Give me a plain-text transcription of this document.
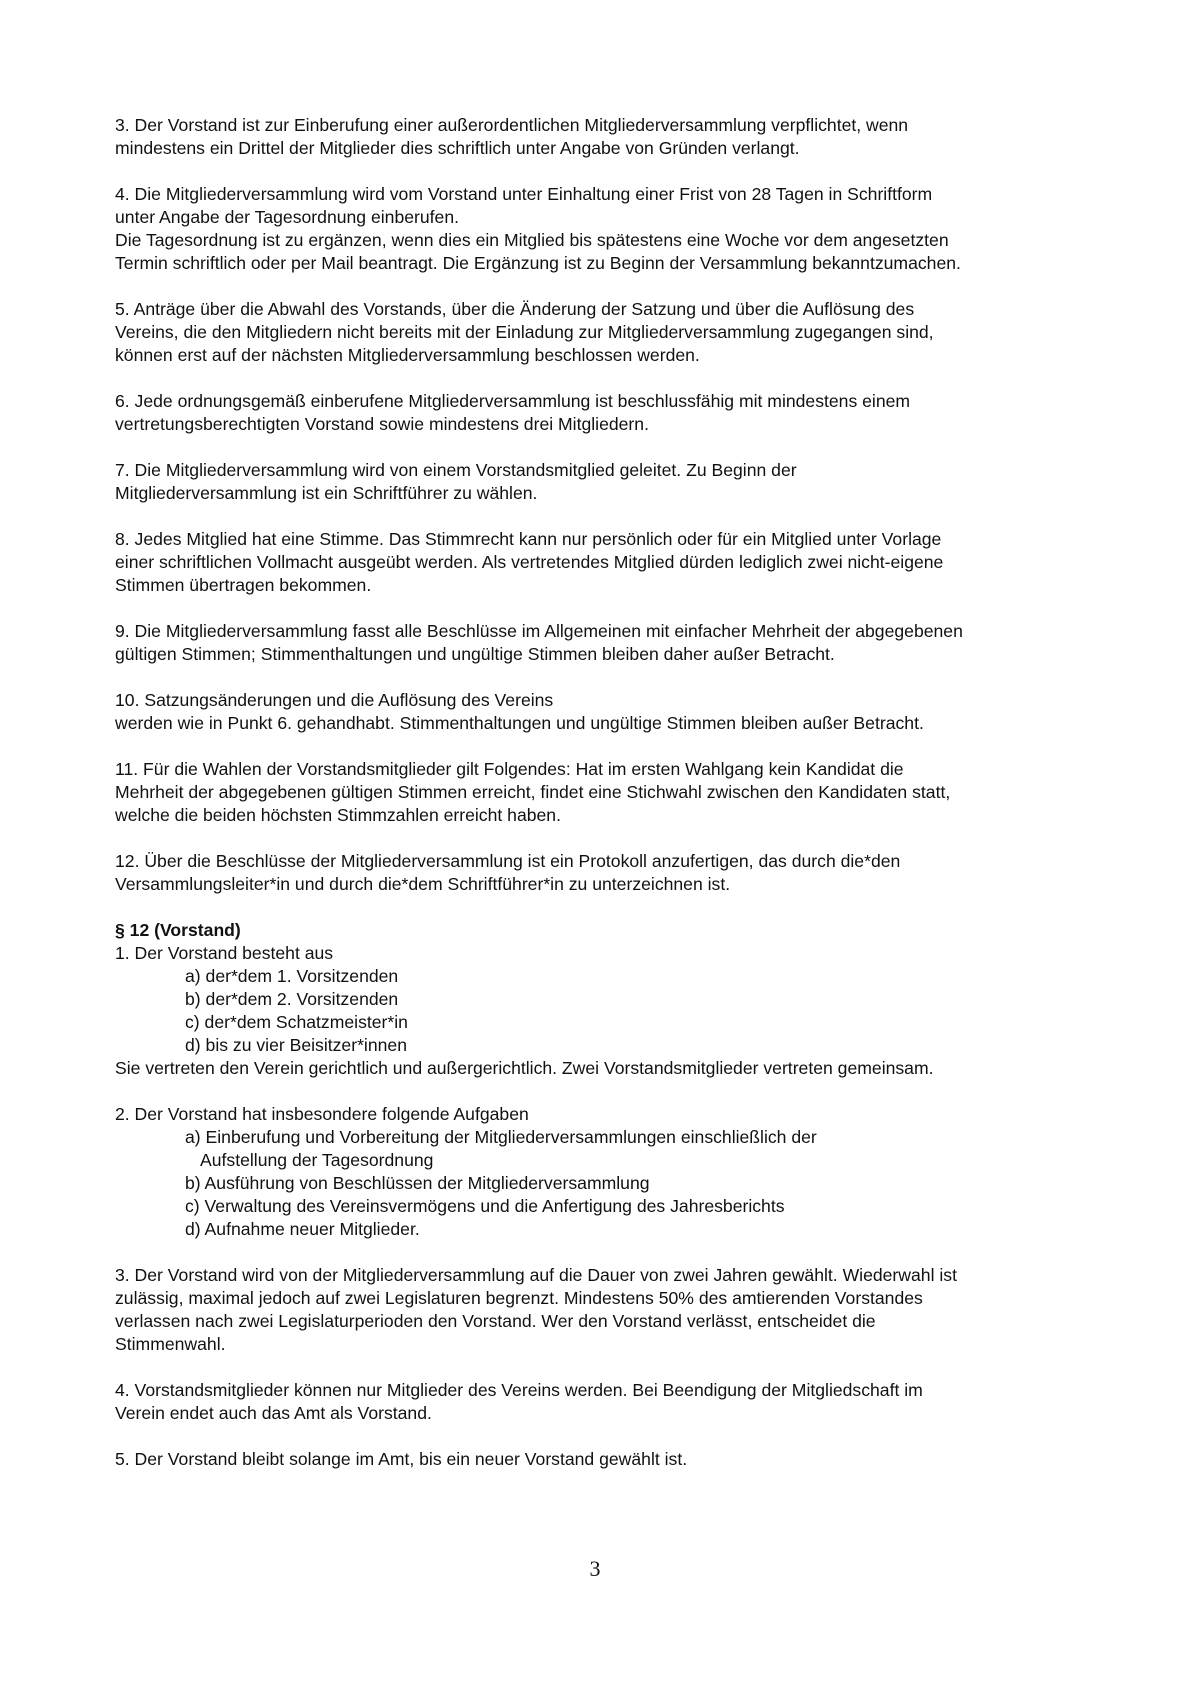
3. Der Vorstand ist zur Einberufung einer außerordentlichen Mitgliederversammlung verpflichtet, wenn
mindestens ein Drittel der Mitglieder dies schriftlich unter Angabe von Gründen verlangt.
4. Die Mitgliederversammlung wird vom Vorstand unter Einhaltung einer Frist von 28 Tagen in Schriftform
unter Angabe der Tagesordnung einberufen.
Die Tagesordnung ist zu ergänzen, wenn dies ein Mitglied bis spätestens eine Woche vor dem angesetzten
Termin schriftlich oder per Mail beantragt. Die Ergänzung ist zu Beginn der Versammlung bekanntzumachen.
5. Anträge über die Abwahl des Vorstands, über die Änderung der Satzung und über die Auflösung des
Vereins, die den Mitgliedern nicht bereits mit der Einladung zur Mitgliederversammlung zugegangen sind,
können erst auf der nächsten Mitgliederversammlung beschlossen werden.
6. Jede ordnungsgemäß einberufene Mitgliederversammlung ist beschlussfähig mit mindestens einem
vertretungsberechtigten Vorstand sowie mindestens drei Mitgliedern.
7. Die Mitgliederversammlung wird von einem Vorstandsmitglied geleitet. Zu Beginn der
Mitgliederversammlung ist ein Schriftführer zu wählen.
8. Jedes Mitglied hat eine Stimme. Das Stimmrecht kann nur persönlich oder für ein Mitglied unter Vorlage
einer schriftlichen Vollmacht ausgeübt werden. Als vertretendes Mitglied dürden lediglich zwei nicht-eigene
Stimmen übertragen bekommen.
9. Die Mitgliederversammlung fasst alle Beschlüsse im Allgemeinen mit einfacher Mehrheit der abgegebenen
gültigen Stimmen; Stimmenthaltungen und ungültige Stimmen bleiben daher außer Betracht.
10. Satzungsänderungen und die Auflösung des Vereins
werden wie in Punkt 6. gehandhabt. Stimmenthaltungen und ungültige Stimmen bleiben außer Betracht.
11. Für die Wahlen der Vorstandsmitglieder gilt Folgendes: Hat im ersten Wahlgang kein Kandidat die
Mehrheit der abgegebenen gültigen Stimmen erreicht, findet eine Stichwahl zwischen den Kandidaten statt,
welche die beiden höchsten Stimmzahlen erreicht haben.
12. Über die Beschlüsse der Mitgliederversammlung ist ein Protokoll anzufertigen, das durch die*den
Versammlungsleiter*in und durch die*dem Schriftführer*in zu unterzeichnen ist.
§ 12 (Vorstand)
1. Der Vorstand besteht aus
a) der*dem 1. Vorsitzenden
b) der*dem 2. Vorsitzenden
c) der*dem Schatzmeister*in
d) bis zu vier Beisitzer*innen
Sie vertreten den Verein gerichtlich und außergerichtlich. Zwei Vorstandsmitglieder vertreten gemeinsam.
2. Der Vorstand hat insbesondere folgende Aufgaben
a) Einberufung und Vorbereitung der Mitgliederversammlungen einschließlich der
Aufstellung der Tagesordnung
b) Ausführung von Beschlüssen der Mitgliederversammlung
c) Verwaltung des Vereinsvermögens und die Anfertigung des Jahresberichts
d) Aufnahme neuer Mitglieder.
3. Der Vorstand wird von der Mitgliederversammlung auf die Dauer von zwei Jahren gewählt. Wiederwahl ist
zulässig, maximal jedoch auf zwei Legislaturen begrenzt. Mindestens 50% des amtierenden Vorstandes
verlassen nach zwei Legislaturperioden den Vorstand. Wer den Vorstand verlässt, entscheidet die
Stimmenwahl.
4. Vorstandsmitglieder können nur Mitglieder des Vereins werden. Bei Beendigung der Mitgliedschaft im
Verein endet auch das Amt als Vorstand.
5. Der Vorstand bleibt solange im Amt, bis ein neuer Vorstand gewählt ist.
3
